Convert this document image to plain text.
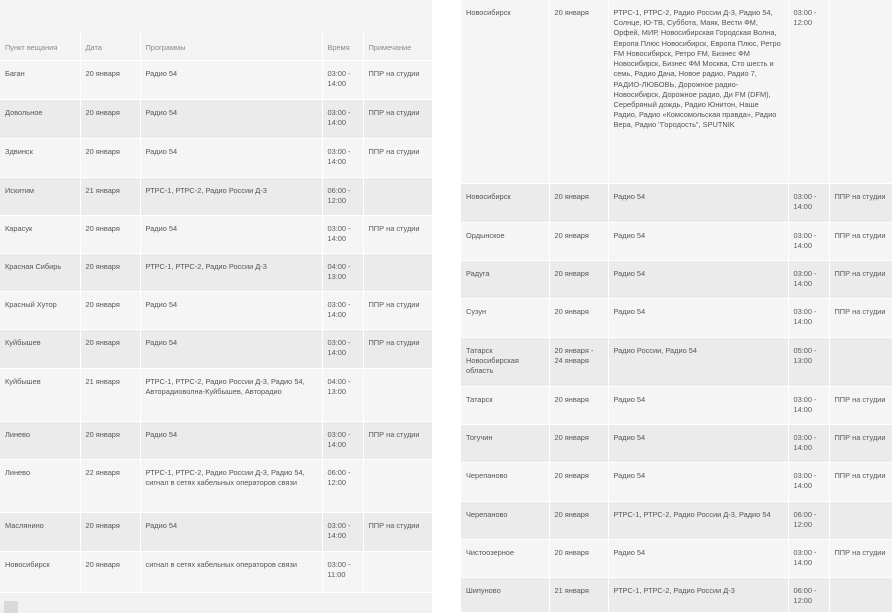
Пункт вещания	Дата	Программы	Время	Примечание
Баган	20 января	Радио 54	03:00 - 14:00	ППР на студии
Довольное	20 января	Радио 54	03:00 - 14:00	ППР на студии
Здвинск	20 января	Радио 54	03:00 - 14:00	ППР на студии
Искитим	21 января	РТРС-1, РТРС-2, Радио России Д-3	06:00 - 12:00	
Карасук	20 января	Радио 54	03:00 - 14:00	ППР на студии
Красная Сибирь	20 января	РТРС-1, РТРС-2, Радио России Д-3	04:00 - 13:00	
Красный Хутор	20 января	Радио 54	03:00 - 14:00	ППР на студии
Куйбышев	20 января	Радио 54	03:00 - 14:00	ППР на студии
Куйбышев	21 января	РТРС-1, РТРС-2, Радио России Д-3, Радио 54, Авторадиоволна-Куйбышев, Авторадио	04:00 - 13:00	
Линево	20 января	Радио 54	03:00 - 14:00	ППР на студии
Линево	22 января	РТРС-1, РТРС-2, Радио России Д-3, Радио 54, сигнал в сетях кабельных операторов связи	06:00 - 12:00	
Маслянино	20 января	Радио 54	03:00 - 14:00	ППР на студии
Новосибирск	20 января	сигнал в сетях кабельных операторов связи	03:00 - 11:00	
Новосибирск	20 января	РТРС-1, РТРС-2, Радио России Д-3, Радио 54, Солнце, Ю-ТВ, Суббота, Маяк, Вести ФМ, Орфей, МИР, Новосибирская Городская Волна, Европа Плюс Новосибирск, Европа Плюс, Ретро FM Новосибирск, Ретро FM, Бизнес ФМ Новосибирск, Бизнес ФМ Москва, Сто шесть и семь, Радио Дача, Новое радио, Радио 7, РАДИО-ЛЮБОВЬ, Дорожное радио-Новосибирск, Дорожное радио, Ди FM (DFM), Серебряный дождь, Радио Юнитон, Наше Радио, Радио «Комсомольская правда», Радио Вера, Радио "Городость", SPUTNIK	03:00 - 12:00	
Новосибирск	20 января	Радио 54	03:00 - 14:00	ППР на студии
Ордынское	20 января	Радио 54	03:00 - 14:00	ППР на студии
Радуга	20 января	Радио 54	03:00 - 14:00	ППР на студии
Сузун	20 января	Радио 54	03:00 - 14:00	ППР на студии
Татарск Новосибирская область	20 января - 24 января	Радио России, Радио 54	05:00 - 13:00	
Татарск	20 января	Радио 54	03:00 - 14:00	ППР на студии
Тогучин	20 января	Радио 54	03:00 - 14:00	ППР на студии
Черепаново	20 января	Радио 54	03:00 - 14:00	ППР на студии
Черепаново	20 января	РТРС-1, РТРС-2, Радио России Д-3, Радио 54	06:00 - 12:00	
Чистоозерное	20 января	Радио 54	03:00 - 14:00	ППР на студии
Шипуново	21 января	РТРС-1, РТРС-2, Радио России Д-3	06:00 - 12:00	
